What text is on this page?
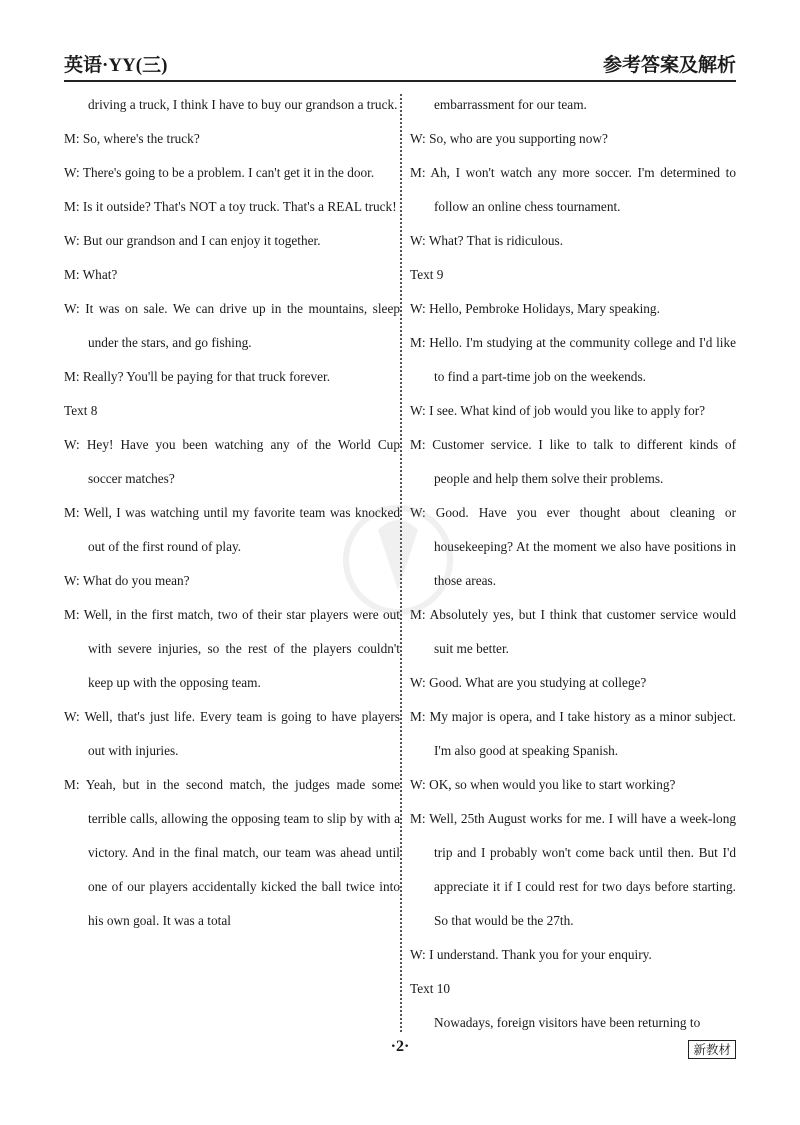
英语·YY(三)	参考答案及解析

driving a truck, I think I have to buy our grandson a truck.

M: So, where's the truck?

W: There's going to be a problem. I can't get it in the door.

M: Is it outside? That's NOT a toy truck. That's a REAL truck!

W: But our grandson and I can enjoy it together.

M: What?

W: It was on sale. We can drive up in the mountains, sleep under the stars, and go fishing.

M: Really? You'll be paying for that truck forever.

Text 8

W: Hey! Have you been watching any of the World Cup soccer matches?

M: Well, I was watching until my favorite team was knocked out of the first round of play.

W: What do you mean?

M: Well, in the first match, two of their star players were out with severe injuries, so the rest of the players couldn't keep up with the opposing team.

W: Well, that's just life. Every team is going to have players out with injuries.

M: Yeah, but in the second match, the judges made some terrible calls, allowing the opposing team to slip by with a victory. And in the final match, our team was ahead until one of our players accidentally kicked the ball twice into his own goal. It was a total

embarrassment for our team.

W: So, who are you supporting now?

M: Ah, I won't watch any more soccer. I'm determined to follow an online chess tournament.

W: What? That is ridiculous.

Text 9

W: Hello, Pembroke Holidays, Mary speaking.

M: Hello. I'm studying at the community college and I'd like to find a part-time job on the weekends.

W: I see. What kind of job would you like to apply for?

M: Customer service. I like to talk to different kinds of people and help them solve their problems.

W: Good. Have you ever thought about cleaning or housekeeping? At the moment we also have positions in those areas.

M: Absolutely yes, but I think that customer service would suit me better.

W: Good. What are you studying at college?

M: My major is opera, and I take history as a minor subject. I'm also good at speaking Spanish.

W: OK, so when would you like to start working?

M: Well, 25th August works for me. I will have a week-long trip and I probably won't come back until then. But I'd appreciate it if I could rest for two days before starting. So that would be the 27th.

W: I understand. Thank you for your enquiry.

Text 10

Nowadays, foreign visitors have been returning to

·2·	新教材
